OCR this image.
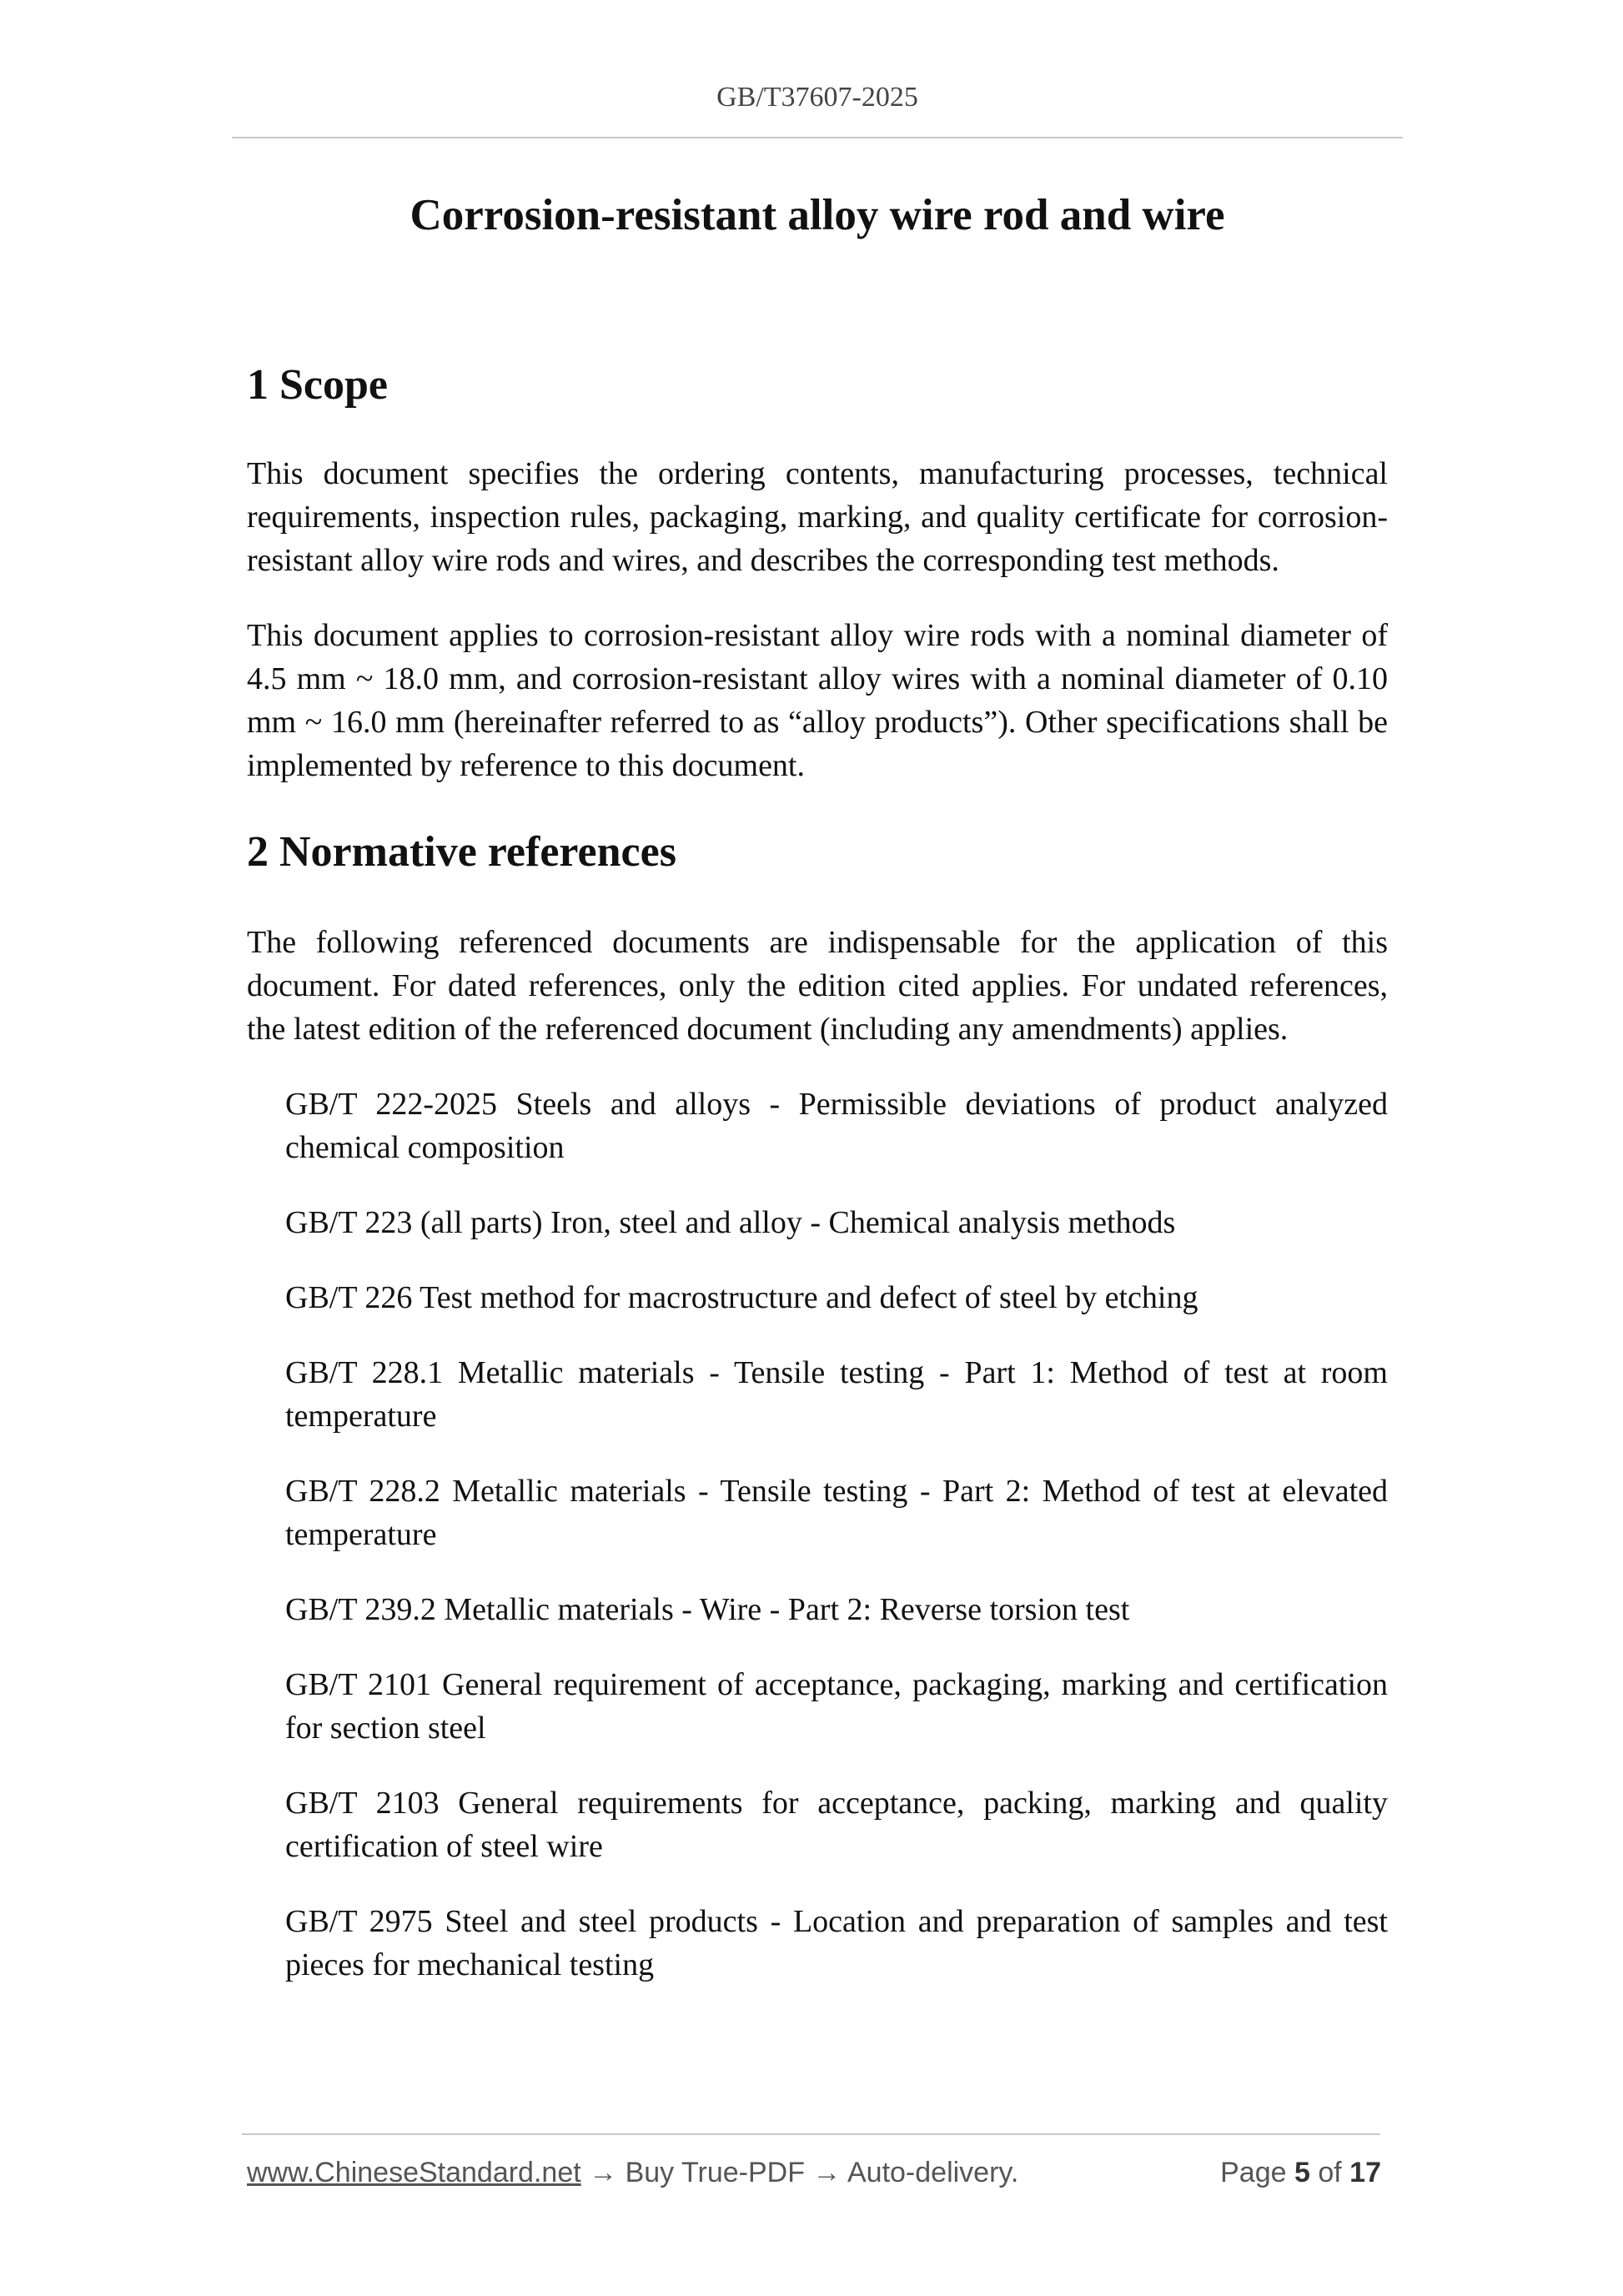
GB/T37607-2025
Corrosion-resistant alloy wire rod and wire
1 Scope

This document specifies the ordering contents, manufacturing processes, technical requirements, inspection rules, packaging, marking, and quality certificate for corrosion-resistant alloy wire rods and wires, and describes the corresponding test methods.

This document applies to corrosion-resistant alloy wire rods with a nominal diameter of 4.5 mm ~ 18.0 mm, and corrosion-resistant alloy wires with a nominal diameter of 0.10 mm ~ 16.0 mm (hereinafter referred to as “alloy products”). Other specifications shall be implemented by reference to this document.

2 Normative references

The following referenced documents are indispensable for the application of this document. For dated references, only the edition cited applies. For undated references, the latest edition of the referenced document (including any amendments) applies.

GB/T 222-2025 Steels and alloys - Permissible deviations of product analyzed chemical composition
GB/T 223 (all parts) Iron, steel and alloy - Chemical analysis methods
GB/T 226 Test method for macrostructure and defect of steel by etching
GB/T 228.1 Metallic materials - Tensile testing - Part 1: Method of test at room temperature
GB/T 228.2 Metallic materials - Tensile testing - Part 2: Method of test at elevated temperature
GB/T 239.2 Metallic materials - Wire - Part 2: Reverse torsion test
GB/T 2101 General requirement of acceptance, packaging, marking and certification for section steel
GB/T 2103 General requirements for acceptance, packing, marking and quality certification of steel wire
GB/T 2975 Steel and steel products - Location and preparation of samples and test pieces for mechanical testing
www.ChineseStandard.net → Buy True-PDF → Auto-delivery.	Page 5 of 17
